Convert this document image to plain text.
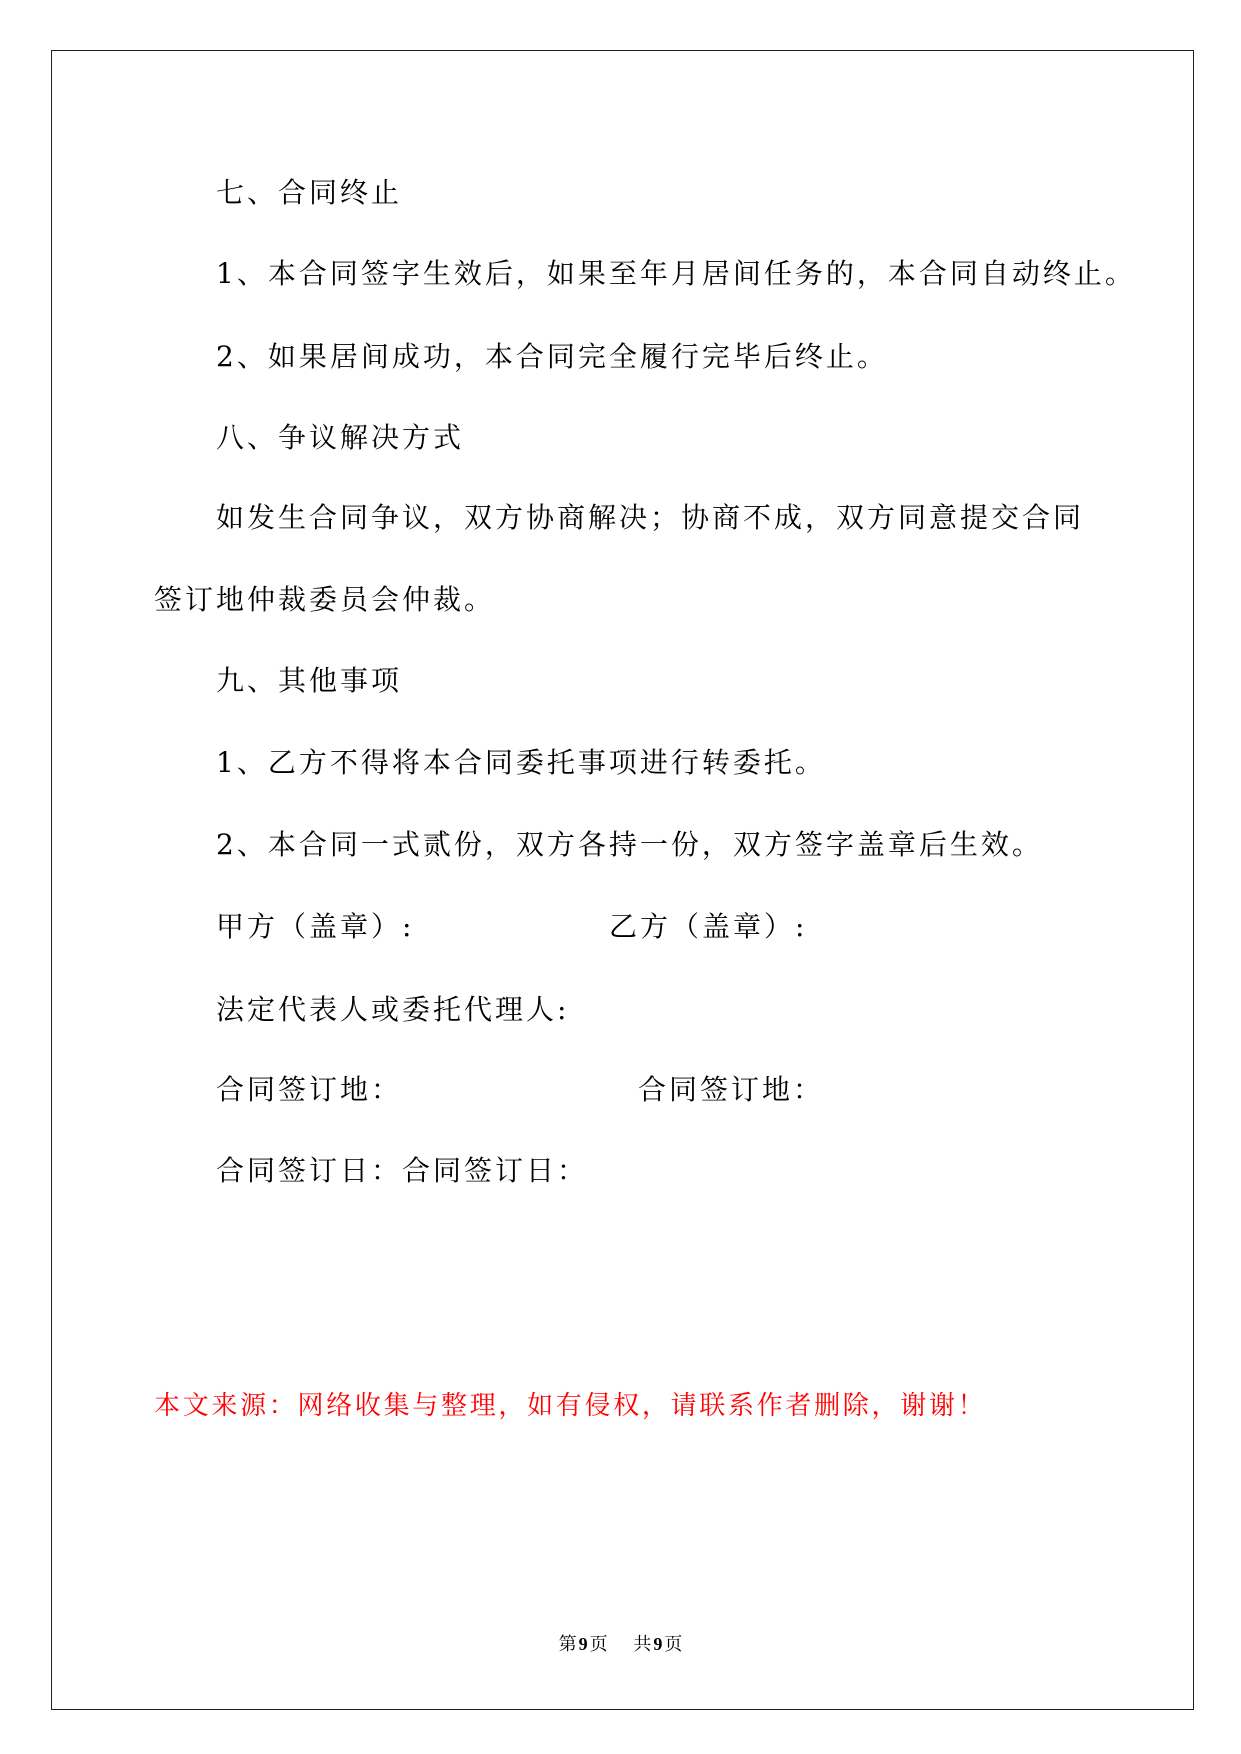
七、合同终止
1、本合同签字生效后，如果至年月居间任务的，本合同自动终止。
2、如果居间成功，本合同完全履行完毕后终止。
八、争议解决方式
如发生合同争议，双方协商解决；协商不成，双方同意提交合同
签订地仲裁委员会仲裁。
九、其他事项
1、乙方不得将本合同委托事项进行转委托。
2、本合同一式贰份，双方各持一份，双方签字盖章后生效。
甲方（盖章）:	乙方（盖章）:
法定代表人或委托代理人:
合同签订地：	合同签订地：
合同签订日：合同签订日：
本文来源：网络收集与整理，如有侵权，请联系作者删除，谢谢！
第 9 页 共 9 页
